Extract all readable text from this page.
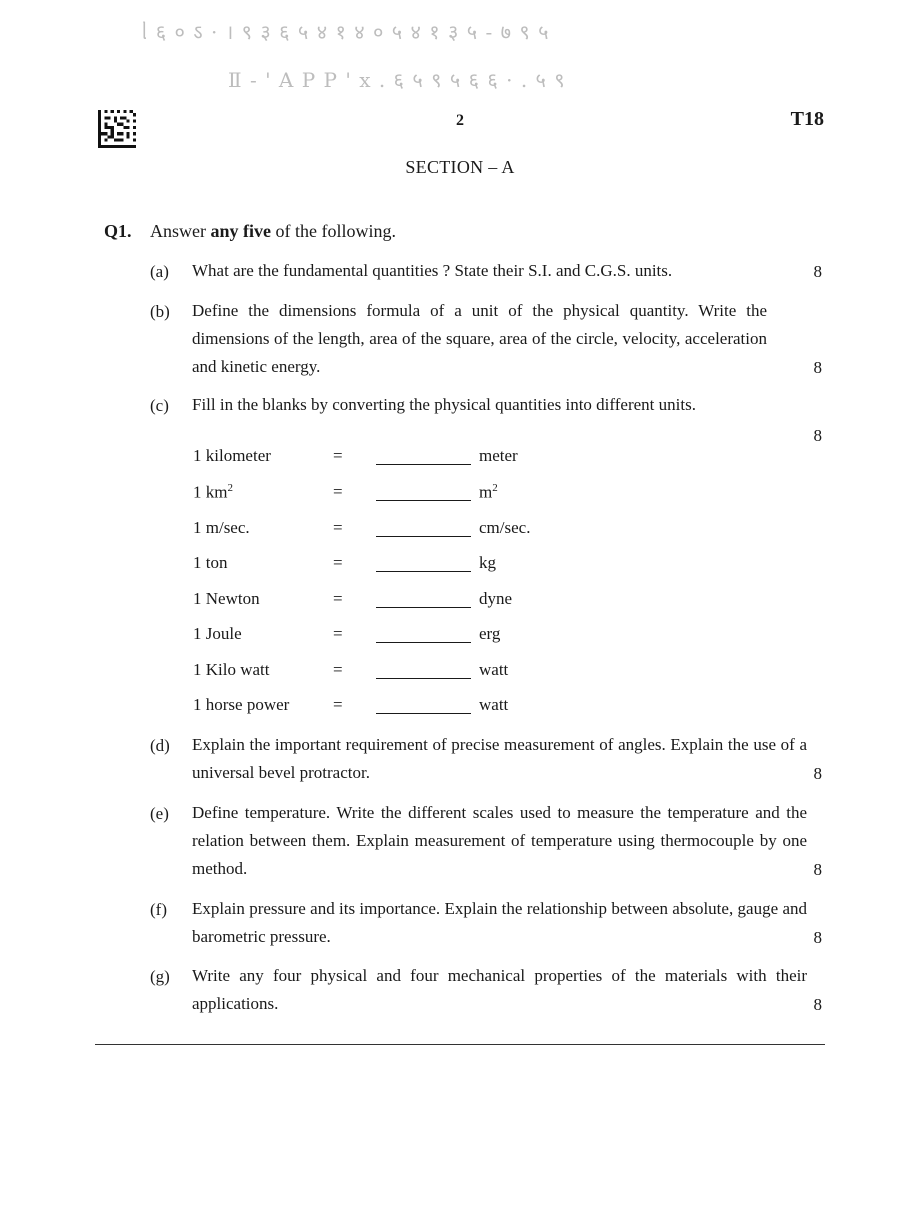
ᥣ ६ ० ऽ · । ९ ३ ६ ५ ४ १ ४ ० ५ ४ १ ३ ५ - ७ ९ ५
Ⅱ - ' A P P ' ⅹ . ६ ५ ९ ५ ६ ६ · . ५ ९
2	T18
SECTION – A
Q1. Answer any five of the following.
(a) What are the fundamental quantities ? State their S.I. and C.G.S. units.	8
(b) Define the dimensions formula of a unit of the physical quantity. Write the dimensions of the length, area of the square, area of the circle, velocity, acceleration and kinetic energy.	8
(c) Fill in the blanks by converting the physical quantities into different units.
8
1 kilometer	=	meter
1 $km^2$	=	$m^2$
1 m/sec.	=	cm/sec.
1 ton	=	kg
1 Newton	=	dyne
1 Joule	=	erg
1 Kilo watt	=	watt
1 horse power	=	watt
(d) Explain the important requirement of precise measurement of angles. Explain the use of a universal bevel protractor.	8
(e) Define temperature. Write the different scales used to measure the temperature and the relation between them. Explain measurement of temperature using thermocouple by one method.	8
(f) Explain pressure and its importance. Explain the relationship between absolute, gauge and barometric pressure.	8
(g) Write any four physical and four mechanical properties of the materials with their applications.	8
